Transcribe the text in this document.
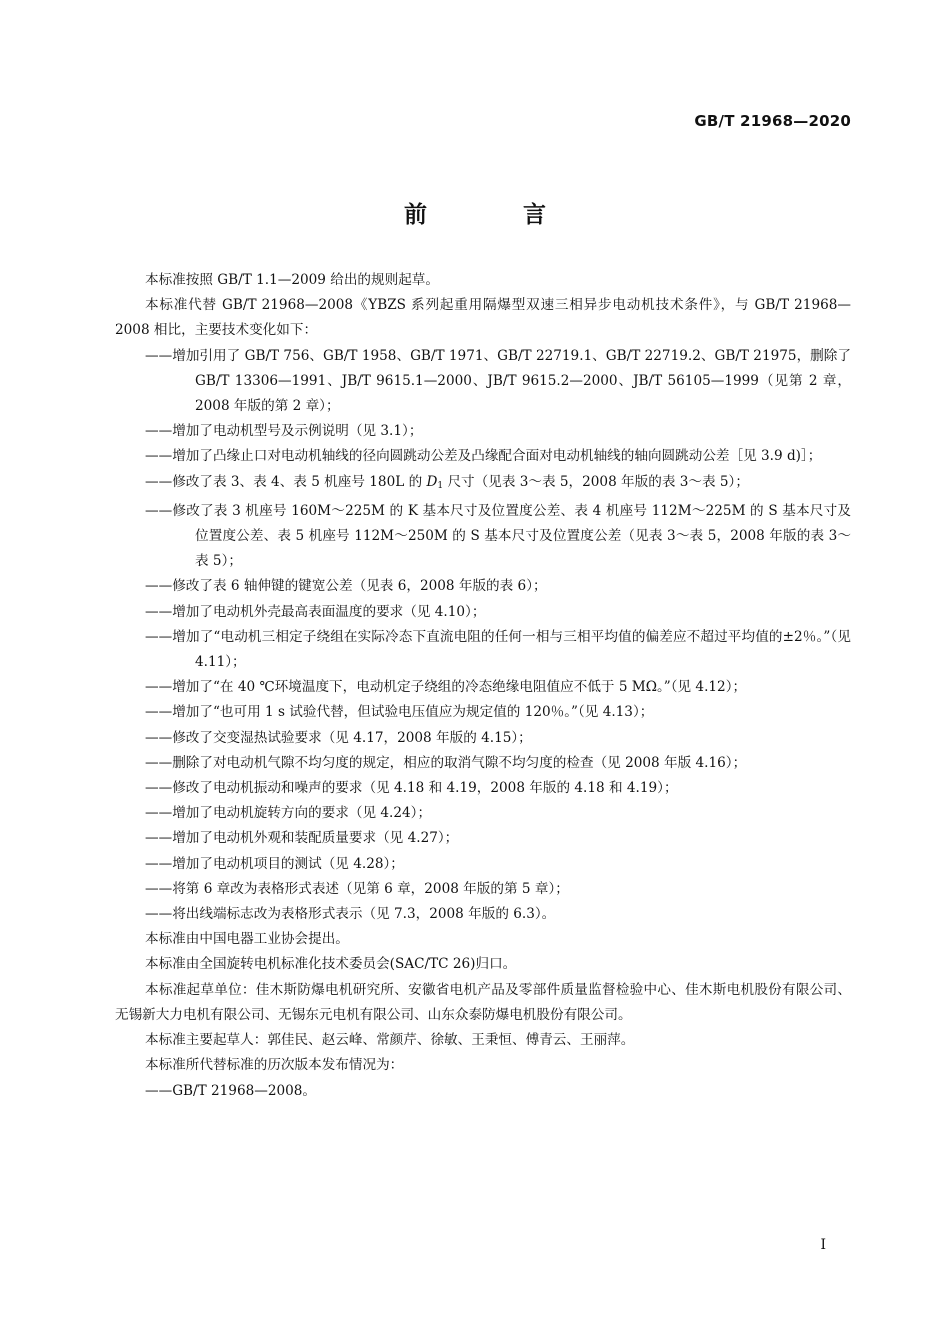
GB/T 21968—2020
前 言

本标准按照 GB/T 1.1—2009 给出的规则起草。

本标准代替 GB/T 21968—2008《YBZS 系列起重用隔爆型双速三相异步电动机技术条件》，与 GB/T 21968—2008 相比，主要技术变化如下：

——增加引用了 GB/T 756、GB/T 1958、GB/T 1971、GB/T 22719.1、GB/T 22719.2、GB/T 21975，删除了 GB/T 13306—1991、JB/T 9615.1—2000、JB/T 9615.2—2000、JB/T 56105—1999（见第 2 章，2008 年版的第 2 章）；
——增加了电动机型号及示例说明（见 3.1）；
——增加了凸缘止口对电动机轴线的径向圆跳动公差及凸缘配合面对电动机轴线的轴向圆跳动公差［见 3.9 d)］；
——修改了表 3、表 4、表 5 机座号 180L 的 $D_1$ 尺寸（见表 3～表 5，2008 年版的表 3～表 5）；
——修改了表 3 机座号 160M～225M 的 K 基本尺寸及位置度公差、表 4 机座号 112M～225M 的 S 基本尺寸及位置度公差、表 5 机座号 112M～250M 的 S 基本尺寸及位置度公差（见表 3～表 5，2008 年版的表 3～表 5）；
——修改了表 6 轴伸键的键宽公差（见表 6，2008 年版的表 6）；
——增加了电动机外壳最高表面温度的要求（见 4.10）；
——增加了“电动机三相定子绕组在实际冷态下直流电阻的任何一相与三相平均值的偏差应不超过平均值的±2％。”（见 4.11）；
——增加了“在 40 ℃环境温度下，电动机定子绕组的冷态绝缘电阻值应不低于 5 MΩ。”（见 4.12）；
——增加了“也可用 1 s 试验代替，但试验电压值应为规定值的 120％。”（见 4.13）；
——修改了交变湿热试验要求（见 4.17，2008 年版的 4.15）；
——删除了对电动机气隙不均匀度的规定，相应的取消气隙不均匀度的检查（见 2008 年版 4.16）；
——修改了电动机振动和噪声的要求（见 4.18 和 4.19，2008 年版的 4.18 和 4.19）；
——增加了电动机旋转方向的要求（见 4.24）；
——增加了电动机外观和装配质量要求（见 4.27）；
——增加了电动机项目的测试（见 4.28）；
——将第 6 章改为表格形式表述（见第 6 章，2008 年版的第 5 章）；
——将出线端标志改为表格形式表示（见 7.3，2008 年版的 6.3）。

本标准由中国电器工业协会提出。

本标准由全国旋转电机标准化技术委员会(SAC/TC 26)归口。

本标准起草单位：佳木斯防爆电机研究所、安徽省电机产品及零部件质量监督检验中心、佳木斯电机股份有限公司、无锡新大力电机有限公司、无锡东元电机有限公司、山东众泰防爆电机股份有限公司。

本标准主要起草人：郭佳民、赵云峰、常颜芹、徐敏、王秉恒、傅青云、王丽萍。

本标准所代替标准的历次版本发布情况为：

——GB/T 21968—2008。
I
